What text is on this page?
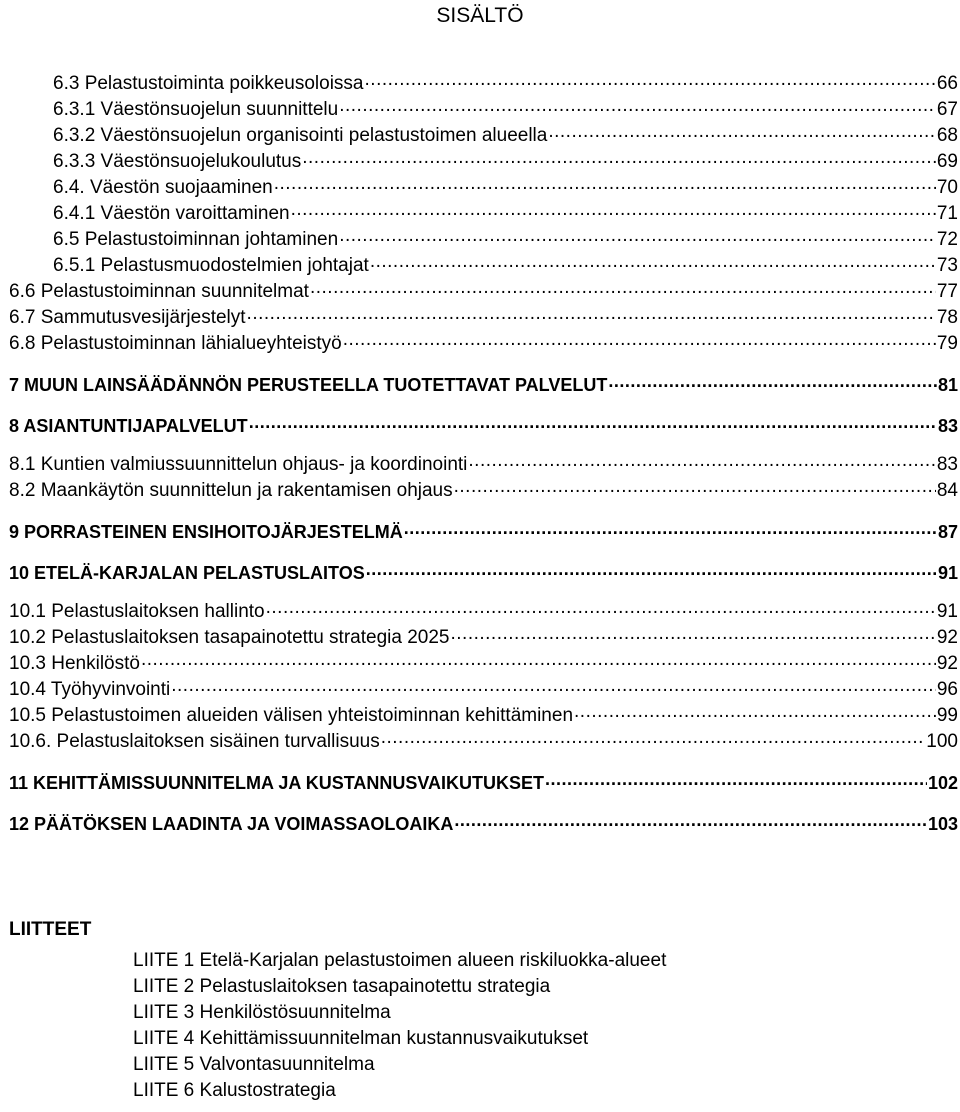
SISÄLTÖ
6.3 Pelastustoiminta poikkeusoloissa .....	66
6.3.1 Väestönsuojelun suunnittelu .....	67
6.3.2 Väestönsuojelun organisointi pelastustoimen alueella .....	68
6.3.3 Väestönsuojelukoulutus .....	69
6.4. Väestön suojaaminen .....	70
6.4.1 Väestön varoittaminen .....	71
6.5 Pelastustoiminnan johtaminen .....	72
6.5.1 Pelastusmuodostelmien johtajat .....	73
6.6 Pelastustoiminnan suunnitelmat .....	77
6.7 Sammutusvesijärjestelyt .....	78
6.8 Pelastustoiminnan lähialueyhteistyö .....	79
7 MUUN LAINSÄÄDÄNNÖN PERUSTEELLA TUOTETTAVAT PALVELUT .....	81
8 ASIANTUNTIJAPALVELUT .....	83
8.1 Kuntien valmiussuunnittelun ohjaus- ja koordinointi .....	83
8.2 Maankäytön suunnittelun ja rakentamisen ohjaus .....	84
9 PORRASTEINEN ENSIHOITOJÄRJESTELMÄ .....	87
10 ETELÄ-KARJALAN PELASTUSLAITOS .....	91
10.1 Pelastuslaitoksen hallinto .....	91
10.2 Pelastuslaitoksen tasapainotettu strategia 2025 .....	92
10.3 Henkilöstö .....	92
10.4 Työhyvinvointi .....	96
10.5 Pelastustoimen alueiden välisen yhteistoiminnan kehittäminen .....	99
10.6. Pelastuslaitoksen sisäinen turvallisuus .....	100
11 KEHITTÄMISSUUNNITELMA JA KUSTANNUSVAIKUTUKSET .....	102
12 PÄÄTÖKSEN LAADINTA JA VOIMASSAOLOAIKA .....	103
LIITTEET
LIITE 1 Etelä-Karjalan pelastustoimen alueen riskiluokka-alueet
LIITE 2 Pelastuslaitoksen tasapainotettu strategia
LIITE 3 Henkilöstösuunnitelma
LIITE 4 Kehittämissuunnitelman kustannusvaikutukset
LIITE 5 Valvontasuunnitelma
LIITE 6 Kalustostrategia
